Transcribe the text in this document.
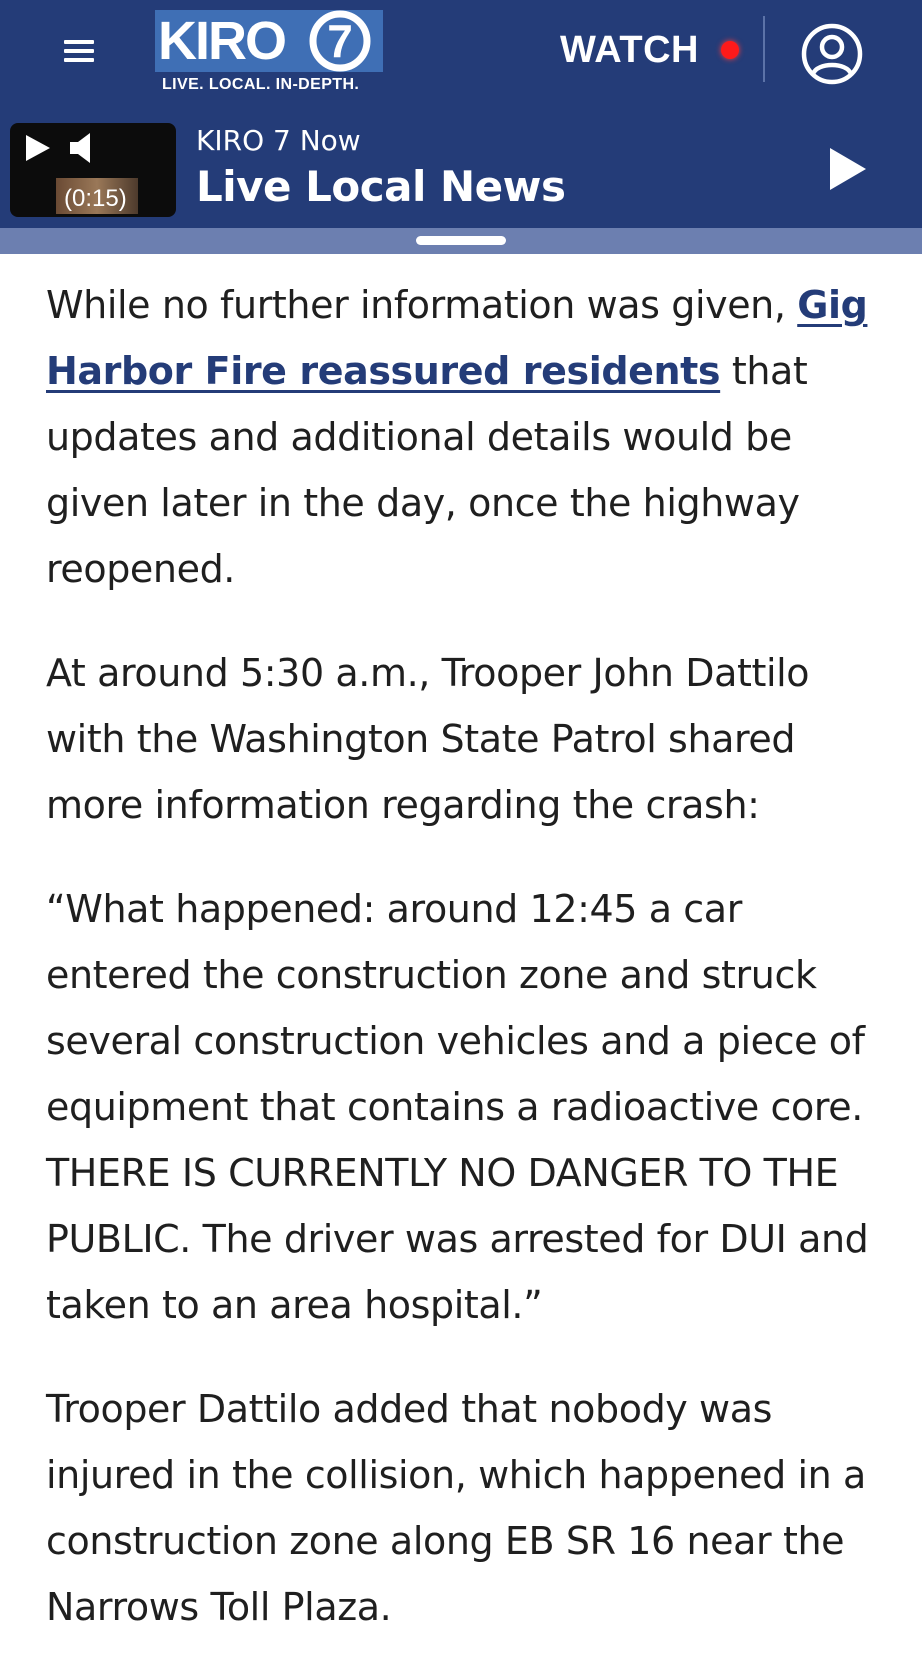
KIRO 7
LIVE. LOCAL. IN-DEPTH.
WATCH
(0:15)
KIRO 7 Now
Live Local News

While no further information was given, Gig Harbor Fire reassured residents that updates and additional details would be given later in the day, once the highway reopened.

At around 5:30 a.m., Trooper John Dattilo with the Washington State Patrol shared more information regarding the crash:

“What happened: around 12:45 a car entered the construction zone and struck several construction vehicles and a piece of equipment that contains a radioactive core. THERE IS CURRENTLY NO DANGER TO THE PUBLIC. The driver was arrested for DUI and taken to an area hospital.”

Trooper Dattilo added that nobody was injured in the collision, which happened in a construction zone along EB SR 16 near the Narrows Toll Plaza.
